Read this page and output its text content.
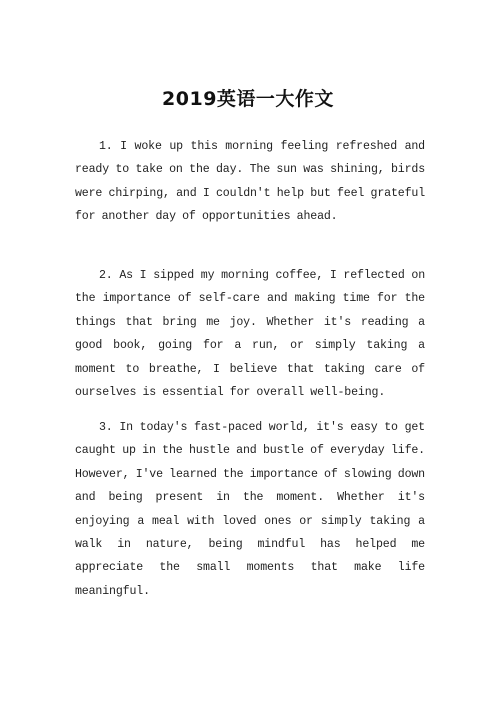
2019英语一大作文

1. I woke up this morning feeling refreshed and ready to take on the day. The sun was shining, birds were chirping, and I couldn't help but feel grateful for another day of opportunities ahead.

2. As I sipped my morning coffee, I reflected on the importance of self-care and making time for the things that bring me joy. Whether it's reading a good book, going for a run, or simply taking a moment to breathe, I believe that taking care of ourselves is essential for overall well-being.

3. In today's fast-paced world, it's easy to get caught up in the hustle and bustle of everyday life. However, I've learned the importance of slowing down and being present in the moment. Whether it's enjoying a meal with loved ones or simply taking a walk in nature, being mindful has helped me appreciate the small moments that make life meaningful.
